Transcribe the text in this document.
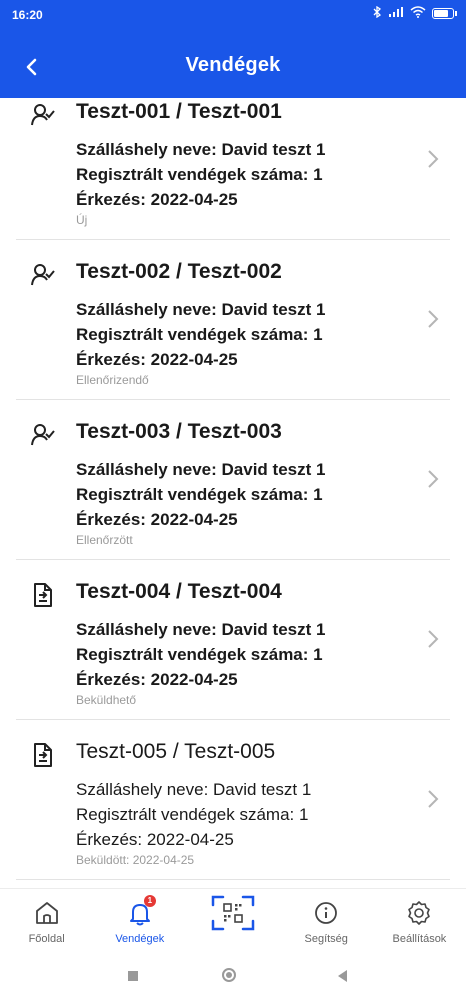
16:20
Vendégek
Teszt-001 / Teszt-001
Szálláshely neve: David teszt 1
Regisztrált vendégek száma: 1
Érkezés: 2022-04-25
Új
Teszt-002 / Teszt-002
Szálláshely neve: David teszt 1
Regisztrált vendégek száma: 1
Érkezés: 2022-04-25
Ellenőrizendő
Teszt-003 / Teszt-003
Szálláshely neve: David teszt 1
Regisztrált vendégek száma: 1
Érkezés: 2022-04-25
Ellenőrzött
Teszt-004 / Teszt-004
Szálláshely neve: David teszt 1
Regisztrált vendégek száma: 1
Érkezés: 2022-04-25
Beküldhető
Teszt-005 / Teszt-005
Szálláshely neve: David teszt 1
Regisztrált vendégek száma: 1
Érkezés: 2022-04-25
Beküldött: 2022-04-25
Főoldal
1
Vendégek	Segítség	Beállítások
